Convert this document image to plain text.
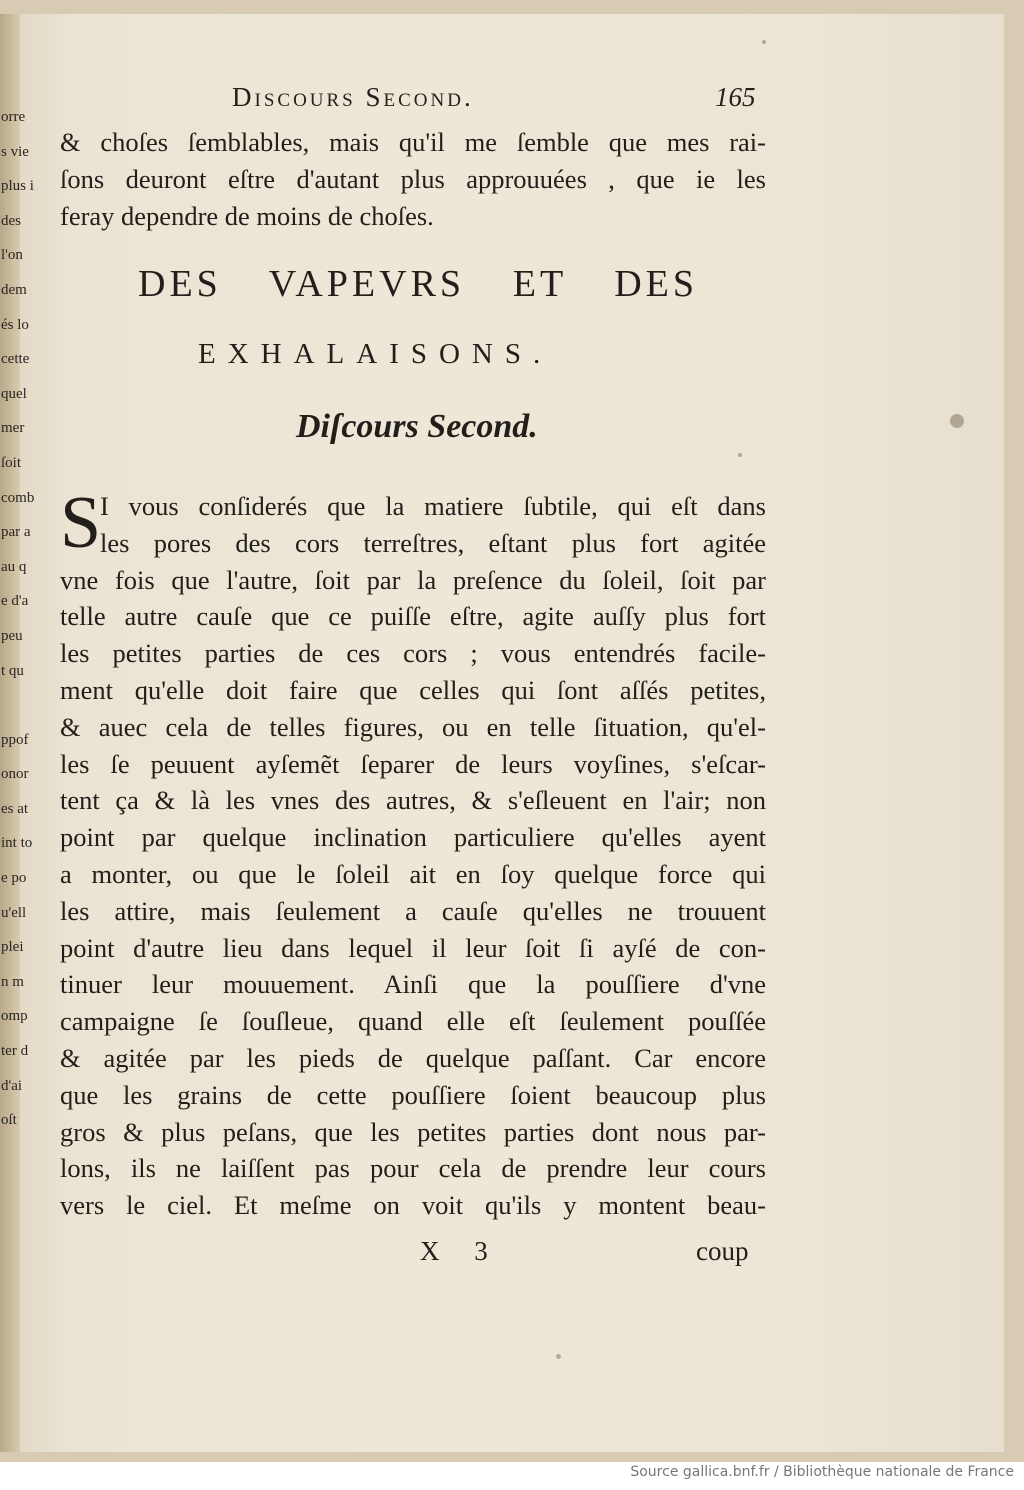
orre
s vie
plus i
des
l'on
dem
és lo
cette
quel
mer
ſoit
comb
par a
au q
e d'a
peu
t qu
ppof
onor
es at
int to
e po
u'ell
plei
n m
omp
ter d
d'ai
oſt
Discours Second.	165
& choſes ſemblables, mais qu'il me ſemble que mes rai-
ſons deuront eſtre d'autant plus approuuées , que ie les
feray dependre de moins de choſes.
DES VAPEVRS ET DES
EXHALAISONS.
Diſcours Second.
S
I vous conſiderés que la matiere ſubtile, qui eſt dans
les pores des cors terreſtres, eſtant plus fort agitée
vne fois que l'autre, ſoit par la preſence du ſoleil, ſoit par
telle autre cauſe que ce puiſſe eſtre, agite auſſy plus fort
les petites parties de ces cors ; vous entendrés facile-
ment qu'elle doit faire que celles qui ſont aſſés petites,
& auec cela de telles figures, ou en telle ſituation, qu'el-
les ſe peuuent ayſemẽt ſeparer de leurs voyſines, s'eſcar-
tent ça & là les vnes des autres, & s'eſleuent en l'air; non
point par quelque inclination particuliere qu'elles ayent
a monter, ou que le ſoleil ait en ſoy quelque force qui
les attire, mais ſeulement a cauſe qu'elles ne trouuent
point d'autre lieu dans lequel il leur ſoit ſi ayſé de con-
tinuer leur mouuement. Ainſi que la pouſſiere d'vne
campaigne ſe ſouſleue, quand elle eſt ſeulement pouſſée
& agitée par les pieds de quelque paſſant. Car encore
que les grains de cette pouſſiere ſoient beaucoup plus
gros & plus peſans, que les petites parties dont nous par-
lons, ils ne laiſſent pas pour cela de prendre leur cours
vers le ciel. Et meſme on voit qu'ils y montent beau-
X 3	coup
Source gallica.bnf.fr / Bibliothèque nationale de France
